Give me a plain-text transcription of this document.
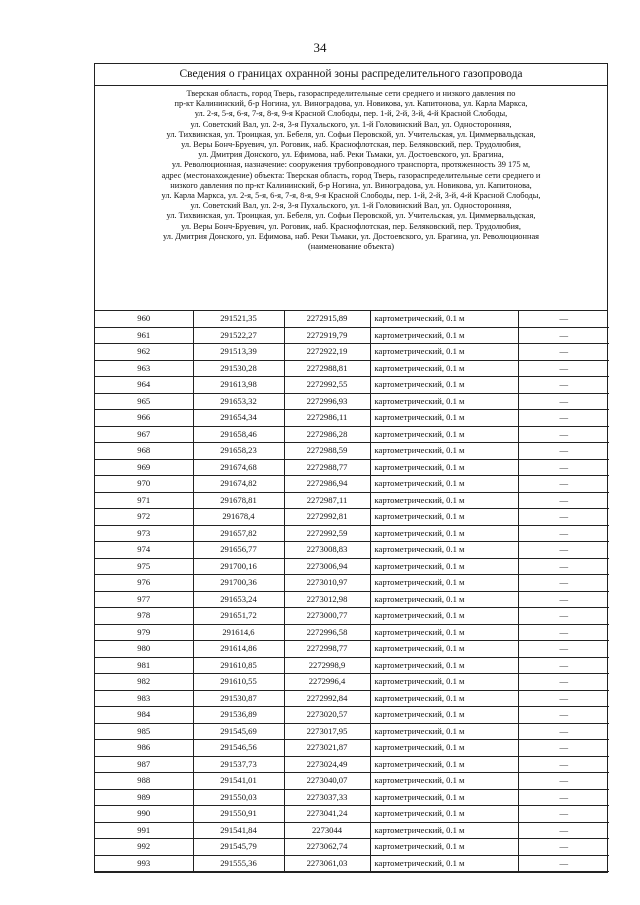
34
Сведения о границах охранной зоны распределительного газопровода
Тверская область, город Тверь, газораспределительные сети среднего и низкого давления по
пр-кт Калининский, б-р Ногина, ул. Виноградова, ул. Новикова, ул. Капитонова, ул. Карла Маркса,
ул. 2-я, 5-я, 6-я, 7-я, 8-я, 9-я Красной Слободы, пер. 1-й, 2-й, 3-й, 4-й Красной Слободы,
ул. Советский Вал, ул. 2-я, 3-я Пухальского, ул. 1-й Головинский Вал, ул. Односторонняя,
ул. Тихвинская, ул. Троицкая, ул. Бебеля, ул. Софьи Перовской, ул. Учительская, ул. Циммервальдская,
ул. Веры Бонч-Бруевич, ул. Роговик, наб. Краснофлотская, пер. Беляковский, пер. Трудолюбия,
ул. Дмитрия Донского, ул. Ефимова, наб. Реки Тьмаки, ул. Достоевского, ул. Брагина,
ул. Революционная, назначение: сооружения трубопроводного транспорта, протяженность 39 175 м,
адрес (местонахождение) объекта: Тверская область, город Тверь, газораспределительные сети среднего и
низкого давления по пр-кт Калининский, б-р Ногина, ул. Виноградова, ул. Новикова, ул. Капитонова,
ул. Карла Маркса, ул. 2-я, 5-я, 6-я, 7-я, 8-я, 9-я Красной Слободы, пер. 1-й, 2-й, 3-й, 4-й Красной Слободы,
ул. Советский Вал, ул. 2-я, 3-я Пухальского, ул. 1-й Головинский Вал, ул. Односторонняя,
ул. Тихвинская, ул. Троицкая, ул. Бебеля, ул. Софьи Перовской, ул. Учительская, ул. Циммервальдская,
ул. Веры Бонч-Бруевич, ул. Роговик, наб. Краснофлотская, пер. Беляковский, пер. Трудолюбия,
ул. Дмитрия Донского, ул. Ефимова, наб. Реки Тьмаки, ул. Достоевского, ул. Брагина, ул. Революционная
(наименование объекта)
960	291521,35	2272915,89	картометрический, 0.1 м	—
961	291522,27	2272919,79	картометрический, 0.1 м	—
962	291513,39	2272922,19	картометрический, 0.1 м	—
963	291530,28	2272988,81	картометрический, 0.1 м	—
964	291613,98	2272992,55	картометрический, 0.1 м	—
965	291653,32	2272996,93	картометрический, 0.1 м	—
966	291654,34	2272986,11	картометрический, 0.1 м	—
967	291658,46	2272986,28	картометрический, 0.1 м	—
968	291658,23	2272988,59	картометрический, 0.1 м	—
969	291674,68	2272988,77	картометрический, 0.1 м	—
970	291674,82	2272986,94	картометрический, 0.1 м	—
971	291678,81	2272987,11	картометрический, 0.1 м	—
972	291678,4	2272992,81	картометрический, 0.1 м	—
973	291657,82	2272992,59	картометрический, 0.1 м	—
974	291656,77	2273008,83	картометрический, 0.1 м	—
975	291700,16	2273006,94	картометрический, 0.1 м	—
976	291700,36	2273010,97	картометрический, 0.1 м	—
977	291653,24	2273012,98	картометрический, 0.1 м	—
978	291651,72	2273000,77	картометрический, 0.1 м	—
979	291614,6	2272996,58	картометрический, 0.1 м	—
980	291614,86	2272998,77	картометрический, 0.1 м	—
981	291610,85	2272998,9	картометрический, 0.1 м	—
982	291610,55	2272996,4	картометрический, 0.1 м	—
983	291530,87	2272992,84	картометрический, 0.1 м	—
984	291536,89	2273020,57	картометрический, 0.1 м	—
985	291545,69	2273017,95	картометрический, 0.1 м	—
986	291546,56	2273021,87	картометрический, 0.1 м	—
987	291537,73	2273024,49	картометрический, 0.1 м	—
988	291541,01	2273040,07	картометрический, 0.1 м	—
989	291550,03	2273037,33	картометрический, 0.1 м	—
990	291550,91	2273041,24	картометрический, 0.1 м	—
991	291541,84	2273044	картометрический, 0.1 м	—
992	291545,79	2273062,74	картометрический, 0.1 м	—
993	291555,36	2273061,03	картометрический, 0.1 м	—
